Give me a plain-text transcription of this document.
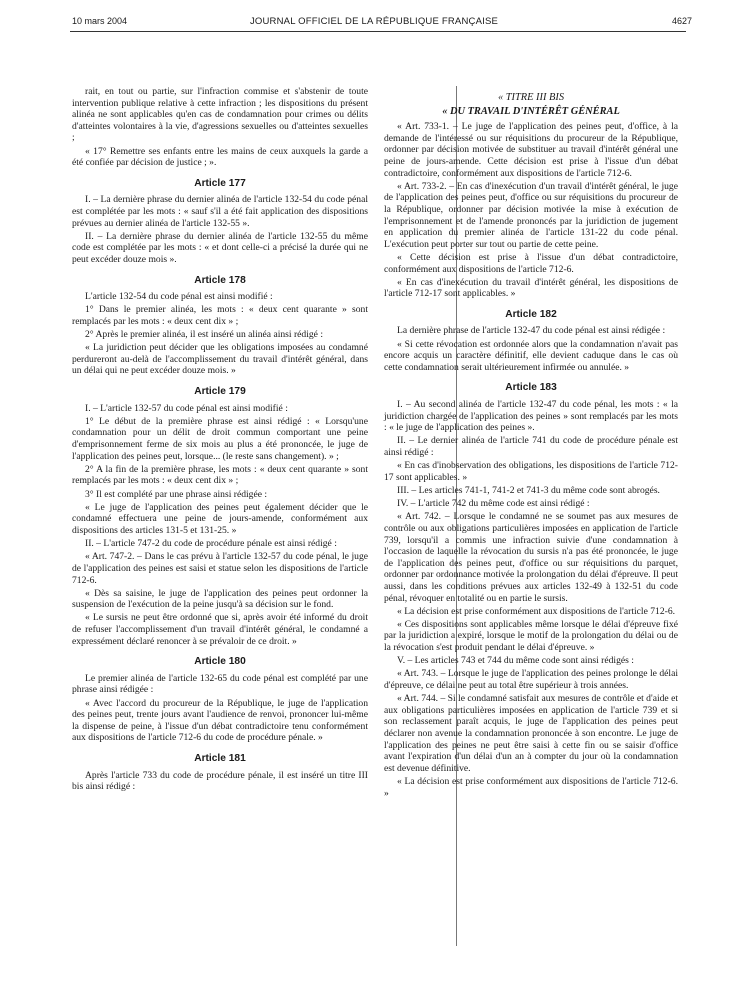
10 mars 2004	JOURNAL OFFICIEL DE LA RÉPUBLIQUE FRANÇAISE	4627

rait, en tout ou partie, sur l'infraction commise et s'abstenir de toute intervention publique relative à cette infraction ; les dispositions du présent alinéa ne sont applicables qu'en cas de condamnation pour crimes ou délits d'atteintes volontaires à la vie, d'agressions sexuelles ou d'atteintes sexuelles ;

« 17° Remettre ses enfants entre les mains de ceux auxquels la garde a été confiée par décision de justice ; ».

Article 177

I. – La dernière phrase du dernier alinéa de l'article 132-54 du code pénal est complétée par les mots : « sauf s'il a été fait application des dispositions prévues au dernier alinéa de l'article 132-55 ».

II. – La dernière phrase du dernier alinéa de l'article 132-55 du même code est complétée par les mots : « et dont celle-ci a précisé la durée qui ne peut excéder douze mois ».

Article 178

L'article 132-54 du code pénal est ainsi modifié :

1° Dans le premier alinéa, les mots : « deux cent quarante » sont remplacés par les mots : « deux cent dix » ;

2° Après le premier alinéa, il est inséré un alinéa ainsi rédigé :

« La juridiction peut décider que les obligations imposées au condamné perdureront au-delà de l'accomplissement du travail d'intérêt général, dans un délai qui ne peut excéder douze mois. »

Article 179

I. – L'article 132-57 du code pénal est ainsi modifié :

1° Le début de la première phrase est ainsi rédigé : « Lorsqu'une condamnation pour un délit de droit commun comportant une peine d'emprisonnement ferme de six mois au plus a été prononcée, le juge de l'application des peines peut, lorsque... (le reste sans changement). » ;

2° A la fin de la première phrase, les mots : « deux cent quarante » sont remplacés par les mots : « deux cent dix » ;

3° Il est complété par une phrase ainsi rédigée :

« Le juge de l'application des peines peut également décider que le condamné effectuera une peine de jours-amende, conformément aux dispositions des articles 131-5 et 131-25. »

II. – L'article 747-2 du code de procédure pénale est ainsi rédigé :

« Art. 747-2. – Dans le cas prévu à l'article 132-57 du code pénal, le juge de l'application des peines est saisi et statue selon les dispositions de l'article 712-6.

« Dès sa saisine, le juge de l'application des peines peut ordonner la suspension de l'exécution de la peine jusqu'à sa décision sur le fond.

« Le sursis ne peut être ordonné que si, après avoir été informé du droit de refuser l'accomplissement d'un travail d'intérêt général, le condamné a expressément déclaré renoncer à se prévaloir de ce droit. »

Article 180

Le premier alinéa de l'article 132-65 du code pénal est complété par une phrase ainsi rédigée :

« Avec l'accord du procureur de la République, le juge de l'application des peines peut, trente jours avant l'audience de renvoi, prononcer lui-même la dispense de peine, à l'issue d'un débat contradictoire tenu conformément aux dispositions de l'article 712-6 du code de procédure pénale. »

Article 181

Après l'article 733 du code de procédure pénale, il est inséré un titre III bis ainsi rédigé :

« TITRE III BIS

« DU TRAVAIL D'INTÉRÊT GÉNÉRAL

« Art. 733-1. – Le juge de l'application des peines peut, d'office, à la demande de l'intéressé ou sur réquisitions du procureur de la République, ordonner par décision motivée de substituer au travail d'intérêt général une peine de jours-amende. Cette décision est prise à l'issue d'un débat contradictoire, conformément aux dispositions de l'article 712-6.

« Art. 733-2. – En cas d'inexécution d'un travail d'intérêt général, le juge de l'application des peines peut, d'office ou sur réquisitions du procureur de la République, ordonner par décision motivée la mise à exécution de l'emprisonnement et de l'amende prononcés par la juridiction de jugement en application du premier alinéa de l'article 131-22 du code pénal. L'exécution peut porter sur tout ou partie de cette peine.

« Cette décision est prise à l'issue d'un débat contradictoire, conformément aux dispositions de l'article 712-6.

« En cas d'inexécution du travail d'intérêt général, les dispositions de l'article 712-17 sont applicables. »

Article 182

La dernière phrase de l'article 132-47 du code pénal est ainsi rédigée :

« Si cette révocation est ordonnée alors que la condamnation n'avait pas encore acquis un caractère définitif, elle devient caduque dans le cas où cette condamnation serait ultérieurement infirmée ou annulée. »

Article 183

I. – Au second alinéa de l'article 132-47 du code pénal, les mots : « la juridiction chargée de l'application des peines » sont remplacés par les mots : « le juge de l'application des peines ».

II. – Le dernier alinéa de l'article 741 du code de procédure pénale est ainsi rédigé :

« En cas d'inobservation des obligations, les dispositions de l'article 712-17 sont applicables. »

III. – Les articles 741-1, 741-2 et 741-3 du même code sont abrogés.

IV. – L'article 742 du même code est ainsi rédigé :

« Art. 742. – Lorsque le condamné ne se soumet pas aux mesures de contrôle ou aux obligations particulières imposées en application de l'article 739, lorsqu'il a commis une infraction suivie d'une condamnation à l'occasion de laquelle la révocation du sursis n'a pas été prononcée, le juge de l'application des peines peut, d'office ou sur réquisitions du parquet, ordonner par ordonnance motivée la prolongation du délai d'épreuve. Il peut aussi, dans les conditions prévues aux articles 132-49 à 132-51 du code pénal, révoquer en totalité ou en partie le sursis.

« La décision est prise conformément aux dispositions de l'article 712-6.

« Ces dispositions sont applicables même lorsque le délai d'épreuve fixé par la juridiction a expiré, lorsque le motif de la prolongation du délai ou de la révocation s'est produit pendant le délai d'épreuve. »

V. – Les articles 743 et 744 du même code sont ainsi rédigés :

« Art. 743. – Lorsque le juge de l'application des peines prolonge le délai d'épreuve, ce délai ne peut au total être supérieur à trois années.

« Art. 744. – Si le condamné satisfait aux mesures de contrôle et d'aide et aux obligations particulières imposées en application de l'article 739 et si son reclassement paraît acquis, le juge de l'application des peines peut déclarer non avenue la condamnation prononcée à son encontre. Le juge de l'application des peines ne peut être saisi à cette fin ou se saisir d'office avant l'expiration d'un délai d'un an à compter du jour où la condamnation est devenue définitive.

« La décision est prise conformément aux dispositions de l'article 712-6. »
